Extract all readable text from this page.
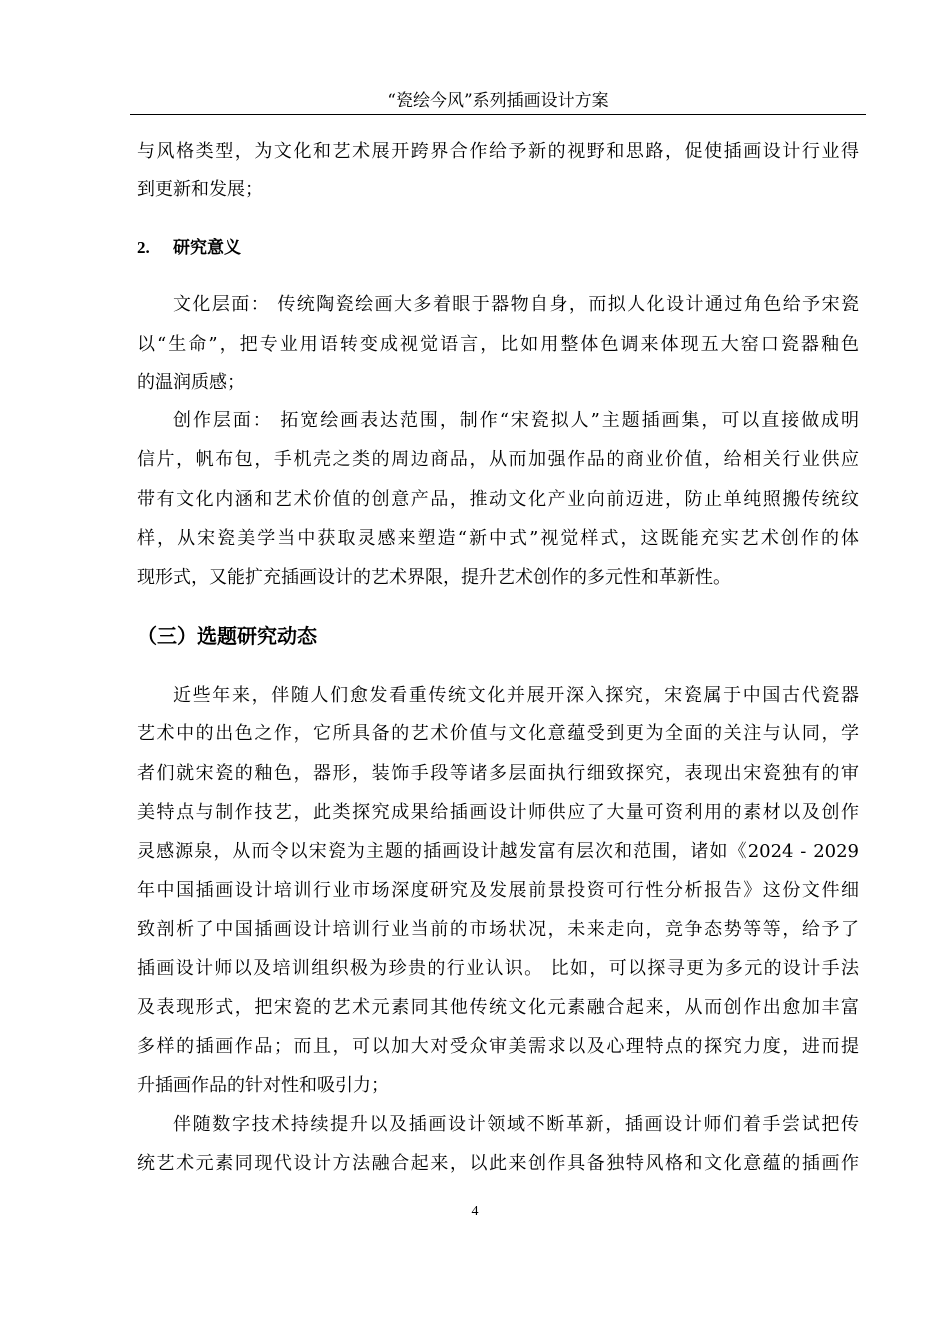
“瓷绘今风”系列插画设计方案
与风格类型，为文化和艺术展开跨界合作给予新的视野和思路，促使插画设计行业得
到更新和发展；
2. 研究意义
文化层面： 传统陶瓷绘画大多着眼于器物自身，而拟人化设计通过角色给予宋瓷
以“生命”，把专业用语转变成视觉语言，比如用整体色调来体现五大窑口瓷器釉色
的温润质感；
创作层面： 拓宽绘画表达范围，制作“宋瓷拟人”主题插画集，可以直接做成明
信片，帆布包，手机壳之类的周边商品，从而加强作品的商业价值，给相关行业供应
带有文化内涵和艺术价值的创意产品，推动文化产业向前迈进，防止单纯照搬传统纹
样，从宋瓷美学当中获取灵感来塑造“新中式”视觉样式，这既能充实艺术创作的体
现形式，又能扩充插画设计的艺术界限，提升艺术创作的多元性和革新性。
（三）选题研究动态
近些年来，伴随人们愈发看重传统文化并展开深入探究，宋瓷属于中国古代瓷器
艺术中的出色之作，它所具备的艺术价值与文化意蕴受到更为全面的关注与认同，学
者们就宋瓷的釉色，器形，装饰手段等诸多层面执行细致探究，表现出宋瓷独有的审
美特点与制作技艺，此类探究成果给插画设计师供应了大量可资利用的素材以及创作
灵感源泉，从而令以宋瓷为主题的插画设计越发富有层次和范围，诸如《2024 - 2029
年中国插画设计培训行业市场深度研究及发展前景投资可行性分析报告》这份文件细
致剖析了中国插画设计培训行业当前的市场状况，未来走向，竞争态势等等，给予了
插画设计师以及培训组织极为珍贵的行业认识。 比如，可以探寻更为多元的设计手法
及表现形式，把宋瓷的艺术元素同其他传统文化元素融合起来，从而创作出愈加丰富
多样的插画作品；而且，可以加大对受众审美需求以及心理特点的探究力度，进而提
升插画作品的针对性和吸引力；
伴随数字技术持续提升以及插画设计领域不断革新，插画设计师们着手尝试把传
统艺术元素同现代设计方法融合起来，以此来创作具备独特风格和文化意蕴的插画作
4
